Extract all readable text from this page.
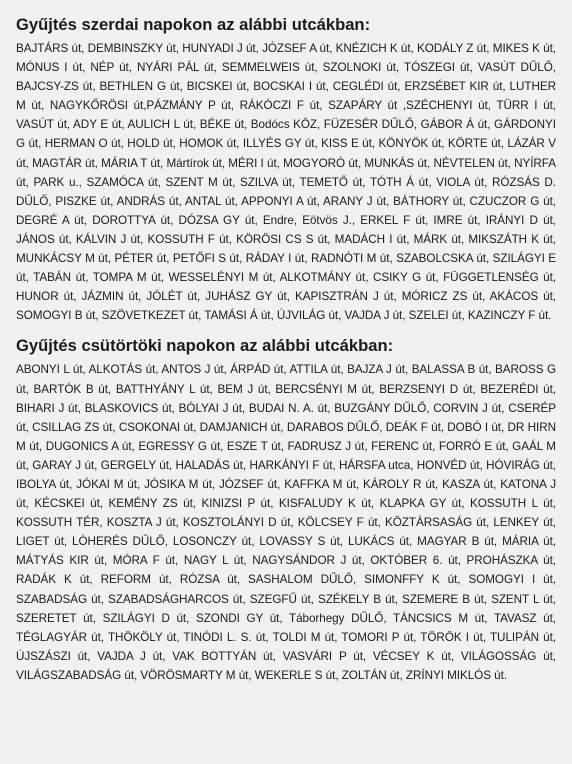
Gyűjtés szerdai napokon az alábbi utcákban:

BAJTÁRS út, DEMBINSZKY út, HUNYADI J út, JÓZSEF A út, KNÉZICH K út, KODÁLY Z út, MIKES K út, MÓNUS I út, NÉP út, NYÁRI PÁL út, SEMMELWEIS út, SZOLNOKI út, TÓSZEGI út, VASÚT DŰLŐ, BAJCSY-ZS út, BETHLEN G út, BICSKEI út, BOCSKAI I út, CEGLÉDI út, ERZSÉBET KIR út, LUTHER M út, NAGYKŐRÖSI út,PÁZMÁNY P út, RÁKÓCZI F út, SZAPÁRY út ,SZÉCHENYI út, TÜRR I út, VASÚT út, ADY E út, AULICH L út, BÉKE út, Bodócs KÖZ, FÜZESÉR DŰLŐ, GÁBOR Á út, GÁRDONYI G út, HERMAN O út, HOLD út, HOMOK út, ILLYÉS GY út, KISS E út, KÖNYÖK út, KÖRTE út, LÁZÁR V út, MAGTÁR út, MÁRIA T út, Mártírok út, MÉRI I út, MOGYORÓ út, MUNKÁS út, NÉVTELEN út, NYÍRFA út, PARK u., SZAMÓCA út, SZENT M út, SZILVA út, TEMETŐ út, TÓTH Á út, VIOLA út, RÓZSÁS D. DŰLŐ, PISZKE út, ANDRÁS út, ANTAL út, APPONYI A út, ARANY J út, BÁTHORY út, CZUCZOR G út, DEGRÉ A út, DOROTTYA út, DÓZSA GY út, Endre, Eötvös J., ERKEL F út, IMRE út, IRÁNYI D út, JÁNOS út, KÁLVIN J út, KOSSUTH F út, KÖRÖSI CS S út, MADÁCH I út, MÁRK út, MIKSZÁTH K út, MUNKÁCSY M út, PÉTER út, PETŐFI S út, RÁDAY I út, RADNÓTI M út, SZABOLCSKA út, SZILÁGYI E út, TABÁN út, TOMPA M út, WESSELÉNYI M út, ALKOTMÁNY út, CSIKY G út, FÜGGETLENSÉG út, HUNOR út, JÁZMIN út, JÓLÉT út, JUHÁSZ GY út, KAPISZTRÁN J út, MÓRICZ ZS út, AKÁCOS út, SOMOGYI B út, SZÖVETKEZET út, TAMÁSI Á út, ÚJVILÁG út, VAJDA J út, SZELEI út, KAZINCZY F út.

Gyűjtés csütörtöki napokon az alábbi utcákban:

ABONYI L út, ALKOTÁS út, ANTOS J út, ÁRPÁD út, ATTILA út, BAJZA J út, BALASSA B út, BAROSS G út, BARTÓK B út, BATTHYÁNY L út, BEM J út, BERCSÉNYI M út, BERZSENYI D út, BEZERÉDI út, BIHARI J út, BLASKOVICS út, BÓLYAI J út, BUDAI N. A. út, BUZGÁNY DŰLŐ, CORVIN J út, CSERÉP út, CSILLAG ZS út, CSOKONAI út, DAMJANICH út, DARABOS DŰLŐ, DEÁK F út, DOBÓ I út, DR HIRN M út, DUGONICS A út, EGRESSY G út, ESZE T út, FADRUSZ J út, FERENC út, FORRÓ E út, GAÁL M út, GARAY J út, GERGELY út, HALADÁS út, HARKÁNYI F út, HÁRSFA utca, HONVÉD út, HÓVIRÁG út, IBOLYA út, JÓKAI M út, JÓSIKA M út, JÓZSEF út, KAFFKA M út, KÁROLY R út, KASZA út, KATONA J út, KÉCSKEI út, KEMÉNY ZS út, KINIZSI P út, KISFALUDY K út, KLAPKA GY út, KOSSUTH L út, KOSSUTH TÉR, KOSZTA J út, KOSZTOLÁNYI D út, KÖLCSEY F út, KÖZTÁRSASÁG út, LENKEY út, LIGET út, LÓHERÉS DŰLŐ, LOSONCZY út, LOVASSY S út, LUKÁCS út, MAGYAR B út, MÁRIA út, MÁTYÁS KIR út, MÓRA F út, NAGY L út, NAGYSÁNDOR J út, OKTÓBER 6. út, PROHÁSZKA út, RADÁK K út, REFORM út, RÓZSA út, SASHALOM DŰLŐ, SIMONFFY K út, SOMOGYI I út, SZABADSÁG út, SZABADSÁGHARCOS út, SZEGFŰ út, SZÉKELY B út, SZEMERE B út, SZENT L út, SZERETET út, SZILÁGYI D út, SZONDI GY út, Táborhegy DŰLŐ, TÁNCSICS M út, TAVASZ út, TÉGLAGYÁR út, THÖKÖLY út, TINÓDI L. S. út, TOLDI M út, TOMORI P út, TÖRÖK I út, TULIPÁN út, ÚJSZÁSZI út, VAJDA J út, VAK BOTTYÁN út, VASVÁRI P út, VÉCSEY K út, VILÁGOSSÁG út, VILÁGSZABADSÁG út, VÖRÖSMARTY M út, WEKERLE S út, ZOLTÁN út, ZRÍNYI MIKLÓS út.
